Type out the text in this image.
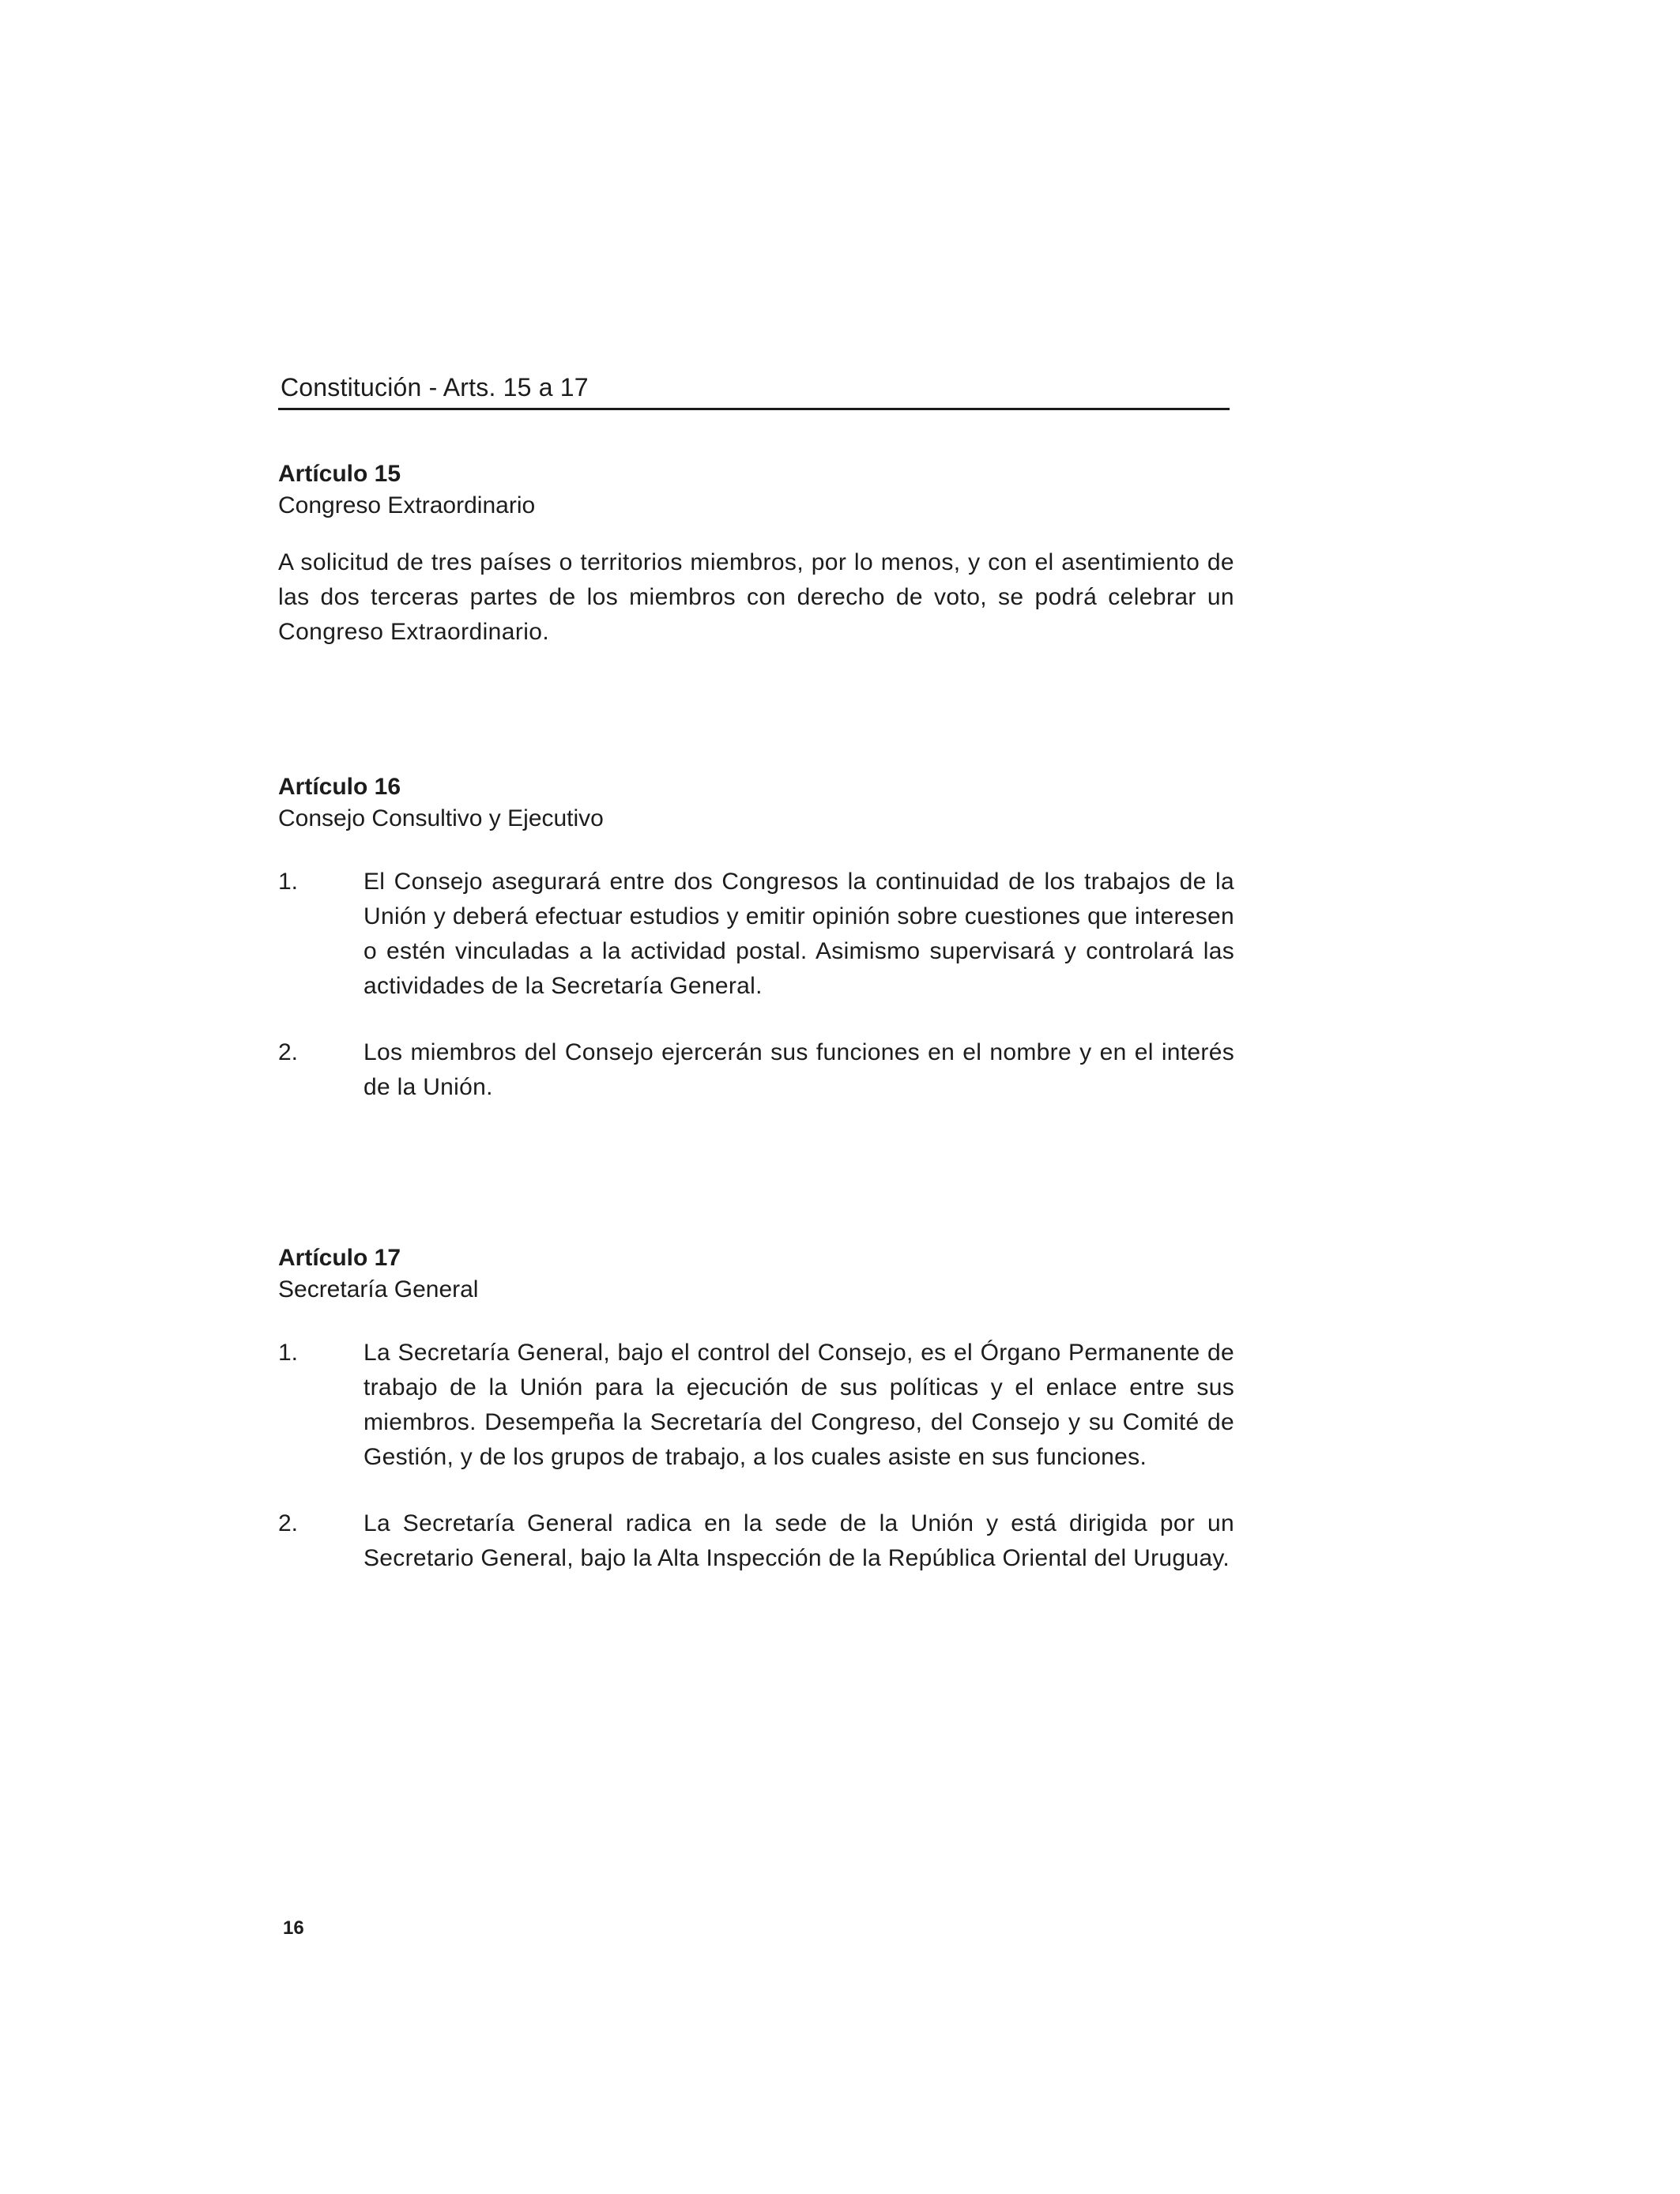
Constitución - Arts. 15 a 17

Artículo 15

Congreso Extraordinario

A solicitud de tres países o territorios miembros, por lo menos, y con el asentimiento de las dos terceras partes de los miembros con derecho de voto, se podrá celebrar un Congreso Extraordinario.

Artículo 16

Consejo Consultivo y Ejecutivo

1.	El Consejo asegurará entre dos Congresos la continuidad de los trabajos de la Unión y deberá efectuar estudios y emitir opinión sobre cuestiones que interesen o estén vinculadas a la actividad postal. Asimismo supervisará y controlará las actividades de la Secretaría General.
2.	Los miembros del Consejo ejercerán sus funciones en el nombre y en el interés de la Unión.

Artículo 17

Secretaría General

1.	La Secretaría General, bajo el control del Consejo, es el Órgano Permanente de trabajo de la Unión para la ejecución de sus políticas y el enlace entre sus miembros. Desempeña la Secretaría del Congreso, del Consejo y su Comité de Gestión, y de los grupos de trabajo, a los cuales asiste en sus funciones.
2.	La Secretaría General radica en la sede de la Unión y está dirigida por un Secretario General, bajo la Alta Inspección de la República Oriental del Uruguay.
16
